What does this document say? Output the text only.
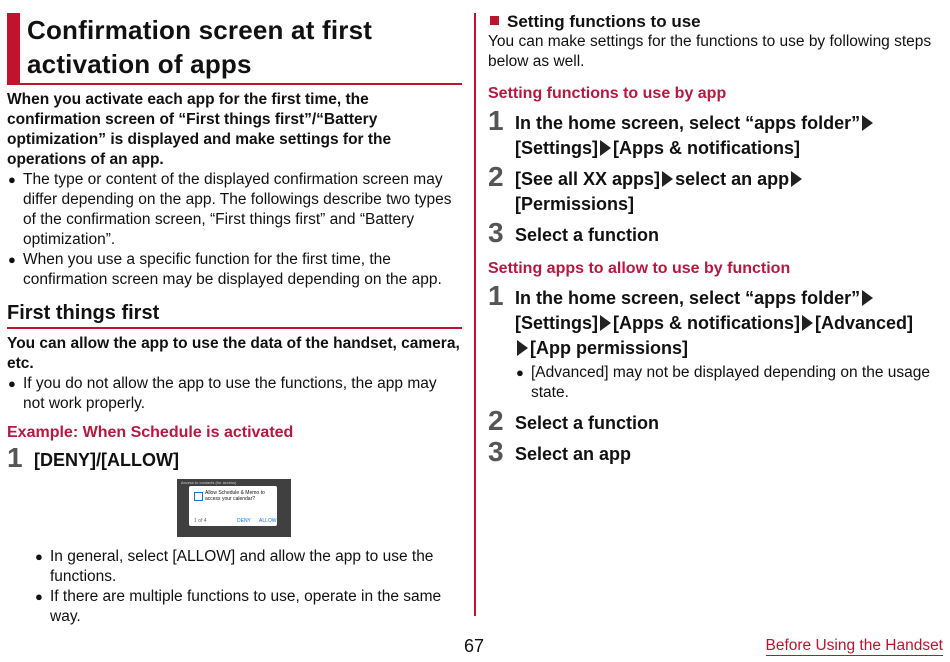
Confirmation screen at first
activation of apps
When you activate each app for the first time, the confirmation screen of “First things first”/“Battery optimization” is displayed and make settings for the operations of an app.
● The type or content of the displayed confirmation screen may differ depending on the app. The followings describe two types of the confirmation screen, “First things first” and “Battery optimization”.
● When you use a specific function for the first time, the confirmation screen may be displayed depending on the app.
First things first
You can allow the app to use the data of the handset, camera, etc.
● If you do not allow the app to use the functions, the app may not work properly.
Example: When Schedule is activated
1 [DENY]/[ALLOW]
Access to contacts (for access)
Allow Schedule & Memo to access your calendar?
1 of 4	DENY ALLOW
● In general, select [ALLOW] and allow the app to use the functions.
● If there are multiple functions to use, operate in the same way.
Setting functions to use
You can make settings for the functions to use by following steps below as well.
Setting functions to use by app
1 In the home screen, select “apps folder”
[Settings] [Apps & notifications]
2 [See all XX apps] select an app
[Permissions]
3 Select a function
Setting apps to allow to use by function
1 In the home screen, select “apps folder”
[Settings] [Apps & notifications] [Advanced]
[App permissions]
● [Advanced] may not be displayed depending on the usage state.
2 Select a function
3 Select an app
67	Before Using the Handset
